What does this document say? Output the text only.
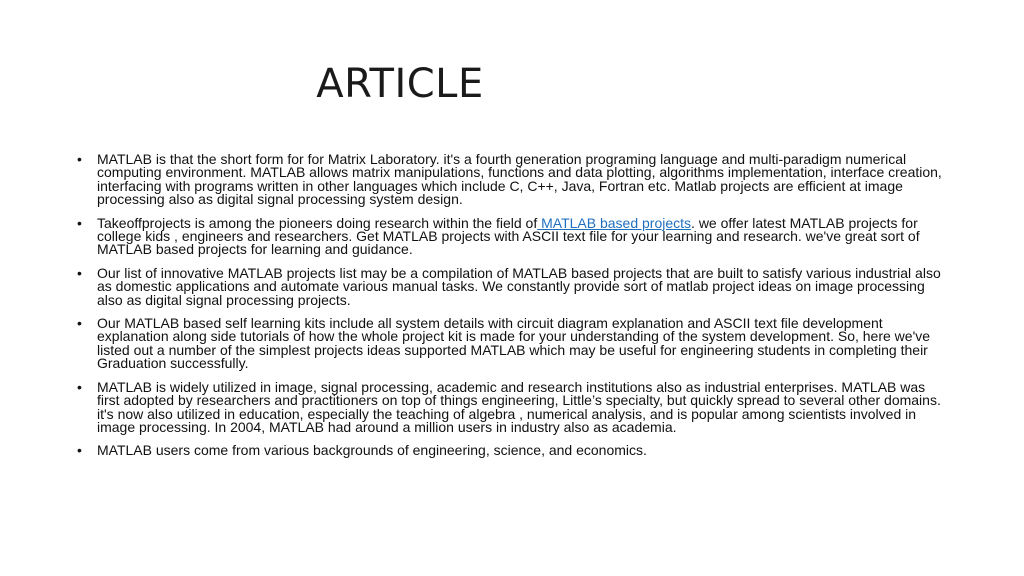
ARTICLE
• MATLAB is that the short form for for Matrix Laboratory. it's a fourth generation programing language and multi-paradigm numerical computing environment. MATLAB allows matrix manipulations, functions and data plotting, algorithms implementation, interface creation, interfacing with programs written in other languages which include C, C++, Java, Fortran etc. Matlab projects are efficient at image processing also as digital signal processing system design.
• Takeoffprojects is among the pioneers doing research within the field of MATLAB based projects. we offer latest MATLAB projects for college kids , engineers and researchers. Get MATLAB projects with ASCII text file for your learning and research. we've great sort of MATLAB based projects for learning and guidance.
• Our list of innovative MATLAB projects list may be a compilation of MATLAB based projects that are built to satisfy various industrial also as domestic applications and automate various manual tasks. We constantly provide sort of matlab project ideas on image processing also as digital signal processing projects.
• Our MATLAB based self learning kits include all system details with circuit diagram explanation and ASCII text file development explanation along side tutorials of how the whole project kit is made for your understanding of the system development. So, here we've listed out a number of the simplest projects ideas supported MATLAB which may be useful for engineering students in completing their Graduation successfully.
• MATLAB is widely utilized in image, signal processing, academic and research institutions also as industrial enterprises. MATLAB was first adopted by researchers and practitioners on top of things engineering, Little’s specialty, but quickly spread to several other domains. it's now also utilized in education, especially the teaching of algebra , numerical analysis, and is popular among scientists involved in image processing. In 2004, MATLAB had around a million users in industry also as academia.
• MATLAB users come from various backgrounds of engineering, science, and economics.
